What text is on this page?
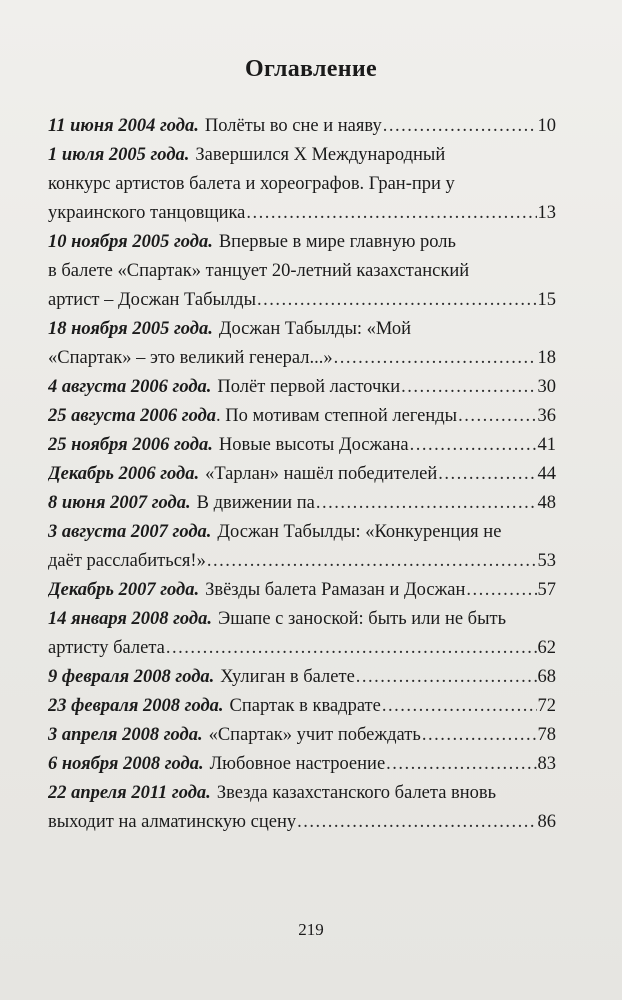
Оглавление
11 июня 2004 года. Полёты во сне и наяву .....	10
1 июля 2005 года. Завершился Х Международный
конкурс артистов балета и хореографов. Гран-при у
украинского танцовщика .....	13
10 ноября 2005 года. Впервые в мире главную роль
в балете «Спартак» танцует 20-летний казахстанский
артист – Досжан Табылды .....	15
18 ноября 2005 года. Досжан Табылды: «Мой
«Спартак» – это великий генерал...» .....	18
4 августа 2006 года. Полёт первой ласточки .....	30
25 августа 2006 года . По мотивам степной легенды .....	36
25 ноября 2006 года. Новые высоты Досжана .....	41
Декабрь 2006 года. «Тарлан» нашёл победителей .....	44
8 июня 2007 года. В движении па .....	48
3 августа 2007 года. Досжан Табылды: «Конкуренция не
даёт расслабиться!» .....	53
Декабрь 2007 года. Звёзды балета Рамазан и Досжан .....	57
14 января 2008 года. Эшапе с заноской: быть или не быть
артисту балета .....	62
9 февраля 2008 года. Хулиган в балете .....	68
23 февраля 2008 года. Спартак в квадрате .....	72
3 апреля 2008 года. «Спартак» учит побеждать .....	78
6 ноября 2008 года. Любовное настроение .....	83
22 апреля 2011 года. Звезда казахстанского балета вновь
выходит на алматинскую сцену .....	86
219
